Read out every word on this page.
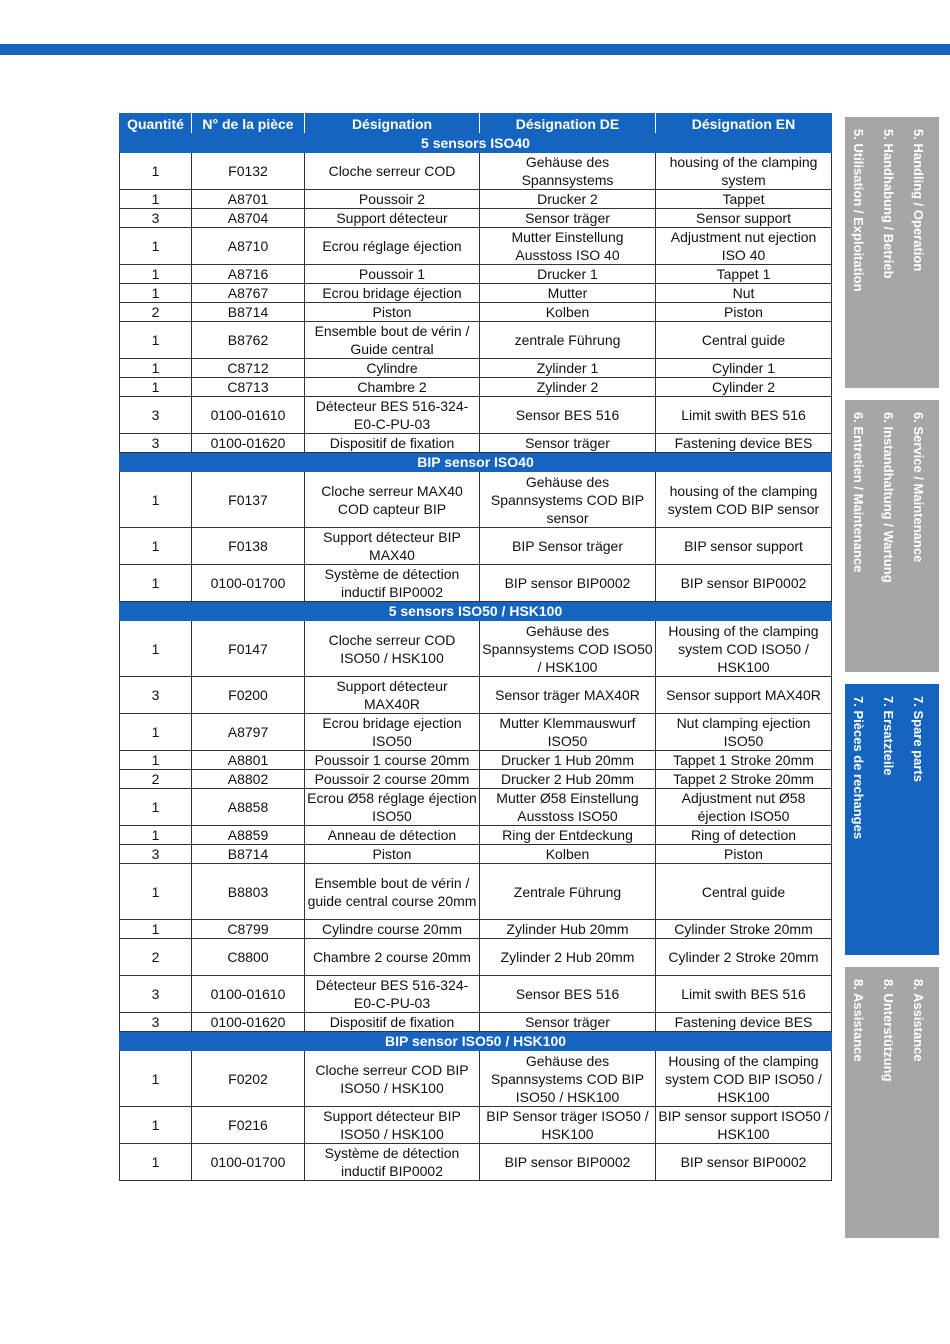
Quantité	N° de la pièce	Désignation	Désignation DE	Désignation EN
5 sensors ISO40				
1	F0132	Cloche serreur COD	Gehäuse des Spannsystems	housing of the clamping system
1	A8701	Poussoir 2	Drucker 2	Tappet
3	A8704	Support détecteur	Sensor träger	Sensor support
1	A8710	Ecrou réglage éjection	Mutter Einstellung Ausstoss ISO 40	Adjustment nut ejection ISO 40
1	A8716	Poussoir 1	Drucker 1	Tappet 1
1	A8767	Ecrou bridage éjection	Mutter	Nut
2	B8714	Piston	Kolben	Piston
1	B8762	Ensemble bout de vérin / Guide central	zentrale Führung	Central guide
1	C8712	Cylindre	Zylinder 1	Cylinder 1
1	C8713	Chambre 2	Zylinder 2	Cylinder 2
3	0100-01610	Détecteur BES 516-324-E0-C-PU-03	Sensor BES 516	Limit swith BES 516
3	0100-01620	Dispositif de fixation	Sensor träger	Fastening device BES
BIP sensor ISO40				
1	F0137	Cloche serreur MAX40 COD capteur BIP	Gehäuse des Spannsystems COD BIP sensor	housing of the clamping system COD BIP sensor
1	F0138	Support détecteur BIP MAX40	BIP Sensor träger	BIP sensor support
1	0100-01700	Système de détection inductif BIP0002	BIP sensor BIP0002	BIP sensor BIP0002
5 sensors ISO50 / HSK100				
1	F0147	Cloche serreur COD ISO50 / HSK100	Gehäuse des Spannsystems COD ISO50 / HSK100	Housing of the clamping system COD ISO50 / HSK100
3	F0200	Support détecteur MAX40R	Sensor träger MAX40R	Sensor support MAX40R
1	A8797	Ecrou bridage ejection ISO50	Mutter Klemmauswurf ISO50	Nut clamping ejection ISO50
1	A8801	Poussoir 1 course 20mm	Drucker 1 Hub 20mm	Tappet 1 Stroke 20mm
2	A8802	Poussoir 2 course 20mm	Drucker 2 Hub 20mm	Tappet 2 Stroke 20mm
1	A8858	Ecrou Ø58 réglage éjection ISO50	Mutter Ø58 Einstellung Ausstoss ISO50	Adjustment nut Ø58 éjection ISO50
1	A8859	Anneau de détection	Ring der Entdeckung	Ring of detection
3	B8714	Piston	Kolben	Piston
1	B8803	Ensemble bout de vérin / guide central course 20mm	Zentrale Führung	Central guide
1	C8799	Cylindre course 20mm	Zylinder Hub 20mm	Cylinder Stroke 20mm
2	C8800	Chambre 2 course 20mm	Zylinder 2 Hub 20mm	Cylinder 2 Stroke 20mm
3	0100-01610	Détecteur BES 516-324-E0-C-PU-03	Sensor BES 516	Limit swith BES 516
3	0100-01620	Dispositif de fixation	Sensor träger	Fastening device BES
BIP sensor ISO50 / HSK100				
1	F0202	Cloche serreur COD BIP ISO50 / HSK100	Gehäuse des Spannsystems COD BIP ISO50 / HSK100	Housing of the clamping system COD BIP ISO50 / HSK100
1	F0216	Support détecteur BIP ISO50 / HSK100	BIP Sensor träger ISO50 / HSK100	BIP sensor support ISO50 / HSK100
1	0100-01700	Système de détection inductif BIP0002	BIP sensor BIP0002	BIP sensor BIP0002
5. Handling / Operation
5. Handhabung / Betrieb
5. Utilisation / Exploitation
6. Service / Maintenance
6. Instandhaltung / Wartung
6. Entretien / Maintenance
7. Spare parts
7. Ersatzteile
7. Pièces de rechanges
8. Assistance
8. Unterstützung
8. Assistance
